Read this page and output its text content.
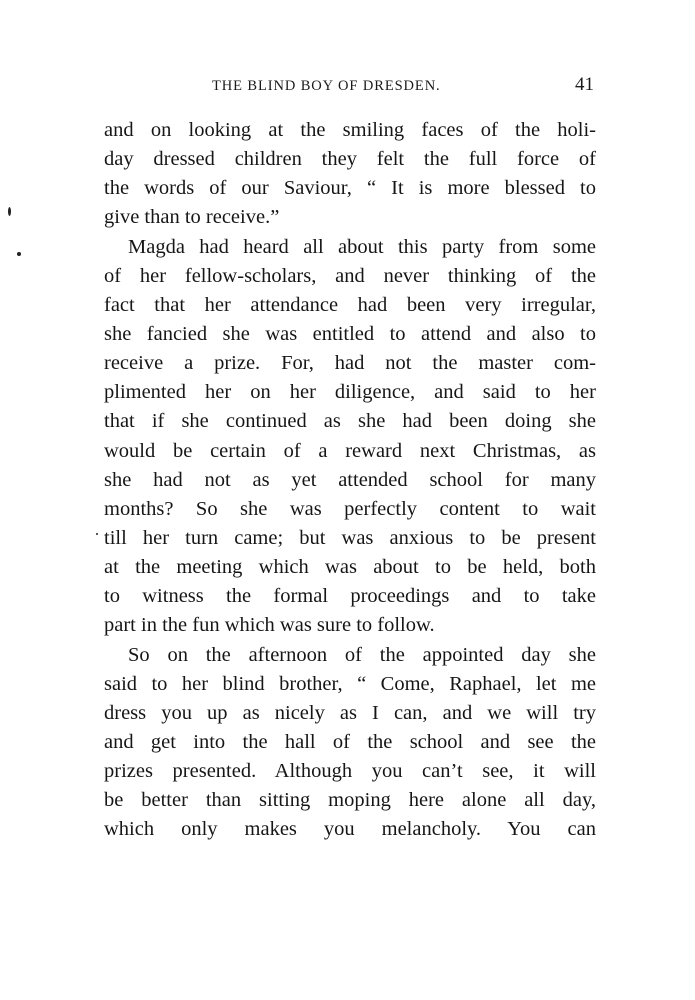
THE BLIND BOY OF DRESDEN.	41
and on looking at the smiling faces of the holi-
day dressed children they felt the full force of
the words of our Saviour, “ It is more blessed to
give than to receive.”
Magda had heard all about this party from some
of her fellow-scholars, and never thinking of the
fact that her attendance had been very irregular,
she fancied she was entitled to attend and also to
receive a prize. For, had not the master com-
plimented her on her diligence, and said to her
that if she continued as she had been doing she
would be certain of a reward next Christmas, as
she had not as yet attended school for many
months? So she was perfectly content to wait
till her turn came; but was anxious to be present
at the meeting which was about to be held, both
to witness the formal proceedings and to take
part in the fun which was sure to follow.
So on the afternoon of the appointed day she
said to her blind brother, “ Come, Raphael, let me
dress you up as nicely as I can, and we will try
and get into the hall of the school and see the
prizes presented. Although you can’t see, it will
be better than sitting moping here alone all day,
which only makes you melancholy. You can
